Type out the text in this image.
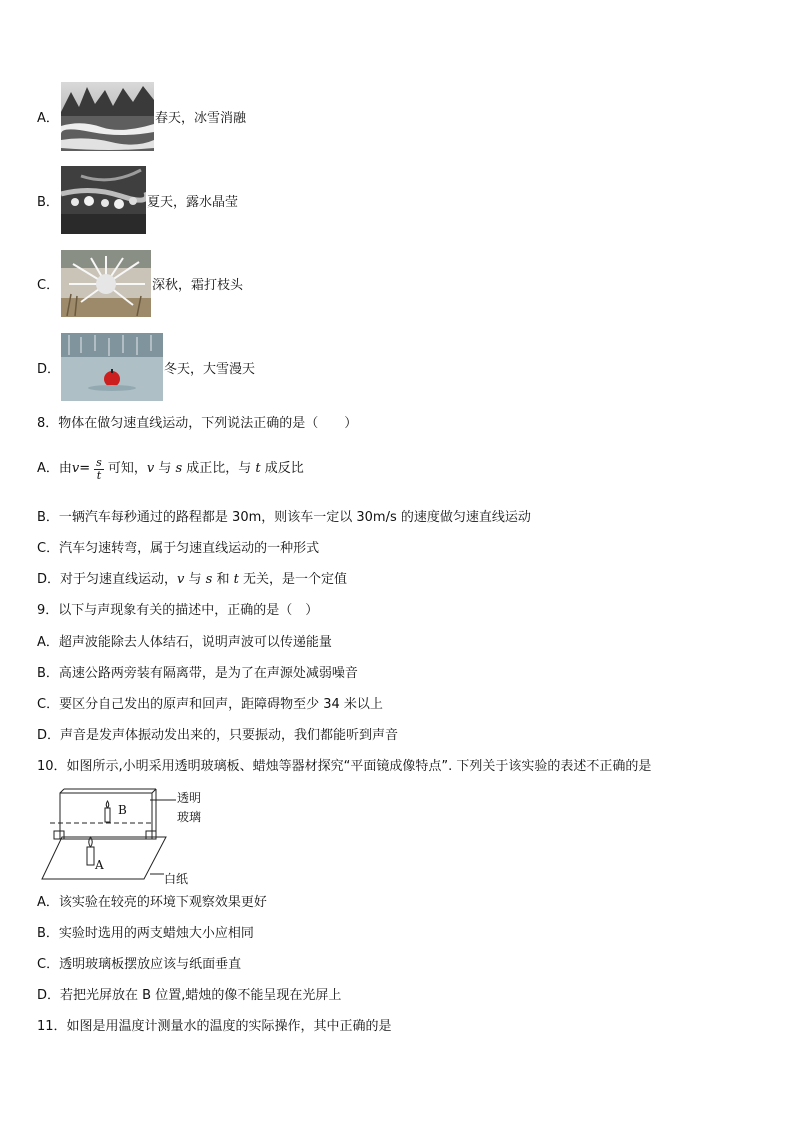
A．	春天，冰雪消融
B．	夏天，露水晶莹
C．	深秋，霜打枝头
D．	冬天，大雪漫天
8．物体在做匀速直线运动，下列说法正确的是（　　）
A．由 $v = \frac{s}{t}$ 可知， v 与 s 成正比，与 t 成反比
B．一辆汽车每秒通过的路程都是 30m，则该车一定以 30m/s 的速度做匀速直线运动
C．汽车匀速转弯，属于匀速直线运动的一种形式
D．对于匀速直线运动，v 与 s 和 t 无关，是一个定值
9．以下与声现象有关的描述中，正确的是（　）
A．超声波能除去人体结石，说明声波可以传递能量
B．高速公路两旁装有隔离带，是为了在声源处减弱噪音
C．要区分自己发出的原声和回声，距障碍物至少 34 米以上
D．声音是发声体振动发出来的，只要振动，我们都能听到声音
10．如图所示,小明采用透明玻璃板、蜡烛等器材探究“平面镜成像特点”. 下列关于该实验的表述不正确的是
透明
玻璃
白纸
A
B
A．该实验在较亮的环境下观察效果更好
B．实验时选用的两支蜡烛大小应相同
C．透明玻璃板摆放应该与纸面垂直
D．若把光屏放在 B 位置,蜡烛的像不能呈现在光屏上
11．如图是用温度计测量水的温度的实际操作，其中正确的是
